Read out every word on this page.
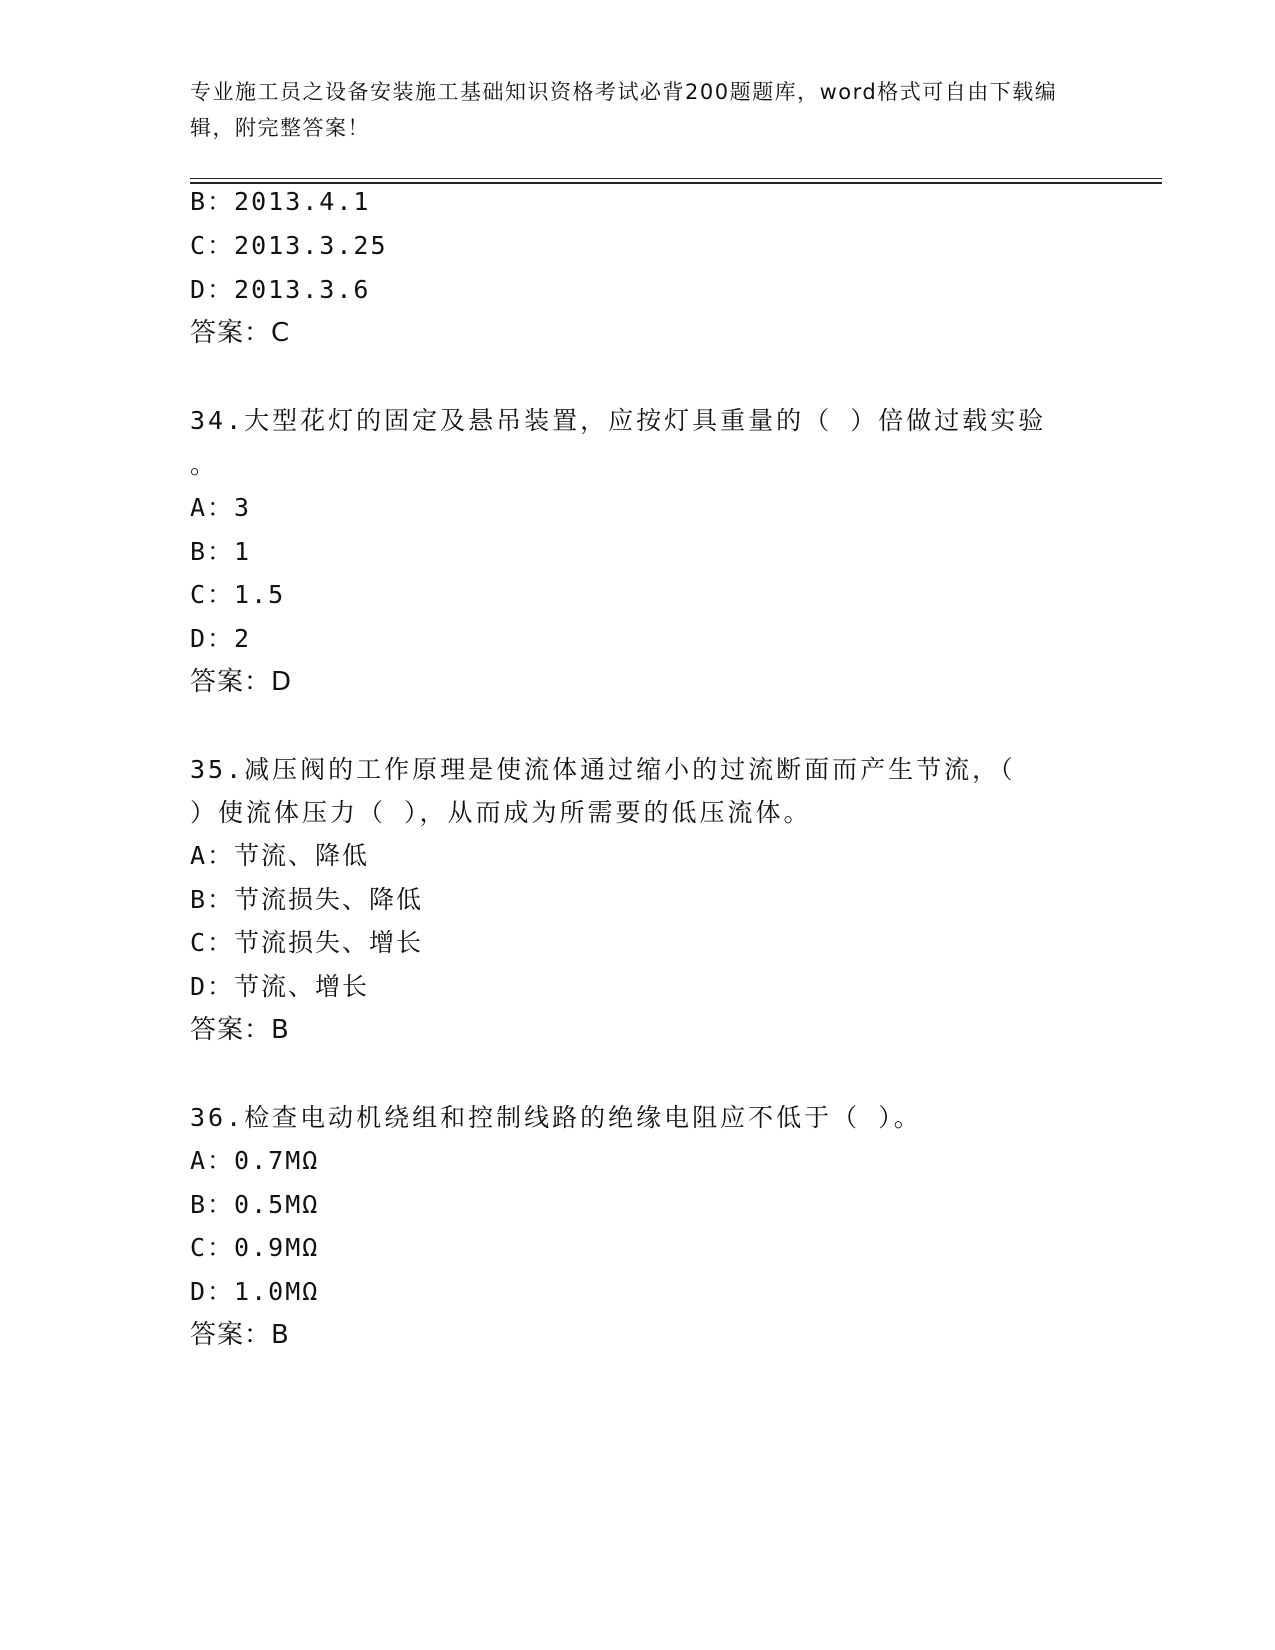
专业施工员之设备安装施工基础知识资格考试必背200题题库，word格式可自由下载编辑，附完整答案！
B：2013.4.1
C：2013.3.25
D：2013.3.6
答案：C
34.大型花灯的固定及悬吊装置，应按灯具重量的（ ）倍做过载实验
。
A：3
B：1
C：1.5
D：2
答案：D
35.减压阀的工作原理是使流体通过缩小的过流断面而产生节流，（
）使流体压力（ ），从而成为所需要的低压流体。
A：节流、降低
B：节流损失、降低
C：节流损失、增长
D：节流、增长
答案：B
36.检查电动机绕组和控制线路的绝缘电阻应不低于（ ）。
A：0.7MΩ
B：0.5MΩ
C：0.9MΩ
D：1.0MΩ
答案：B
